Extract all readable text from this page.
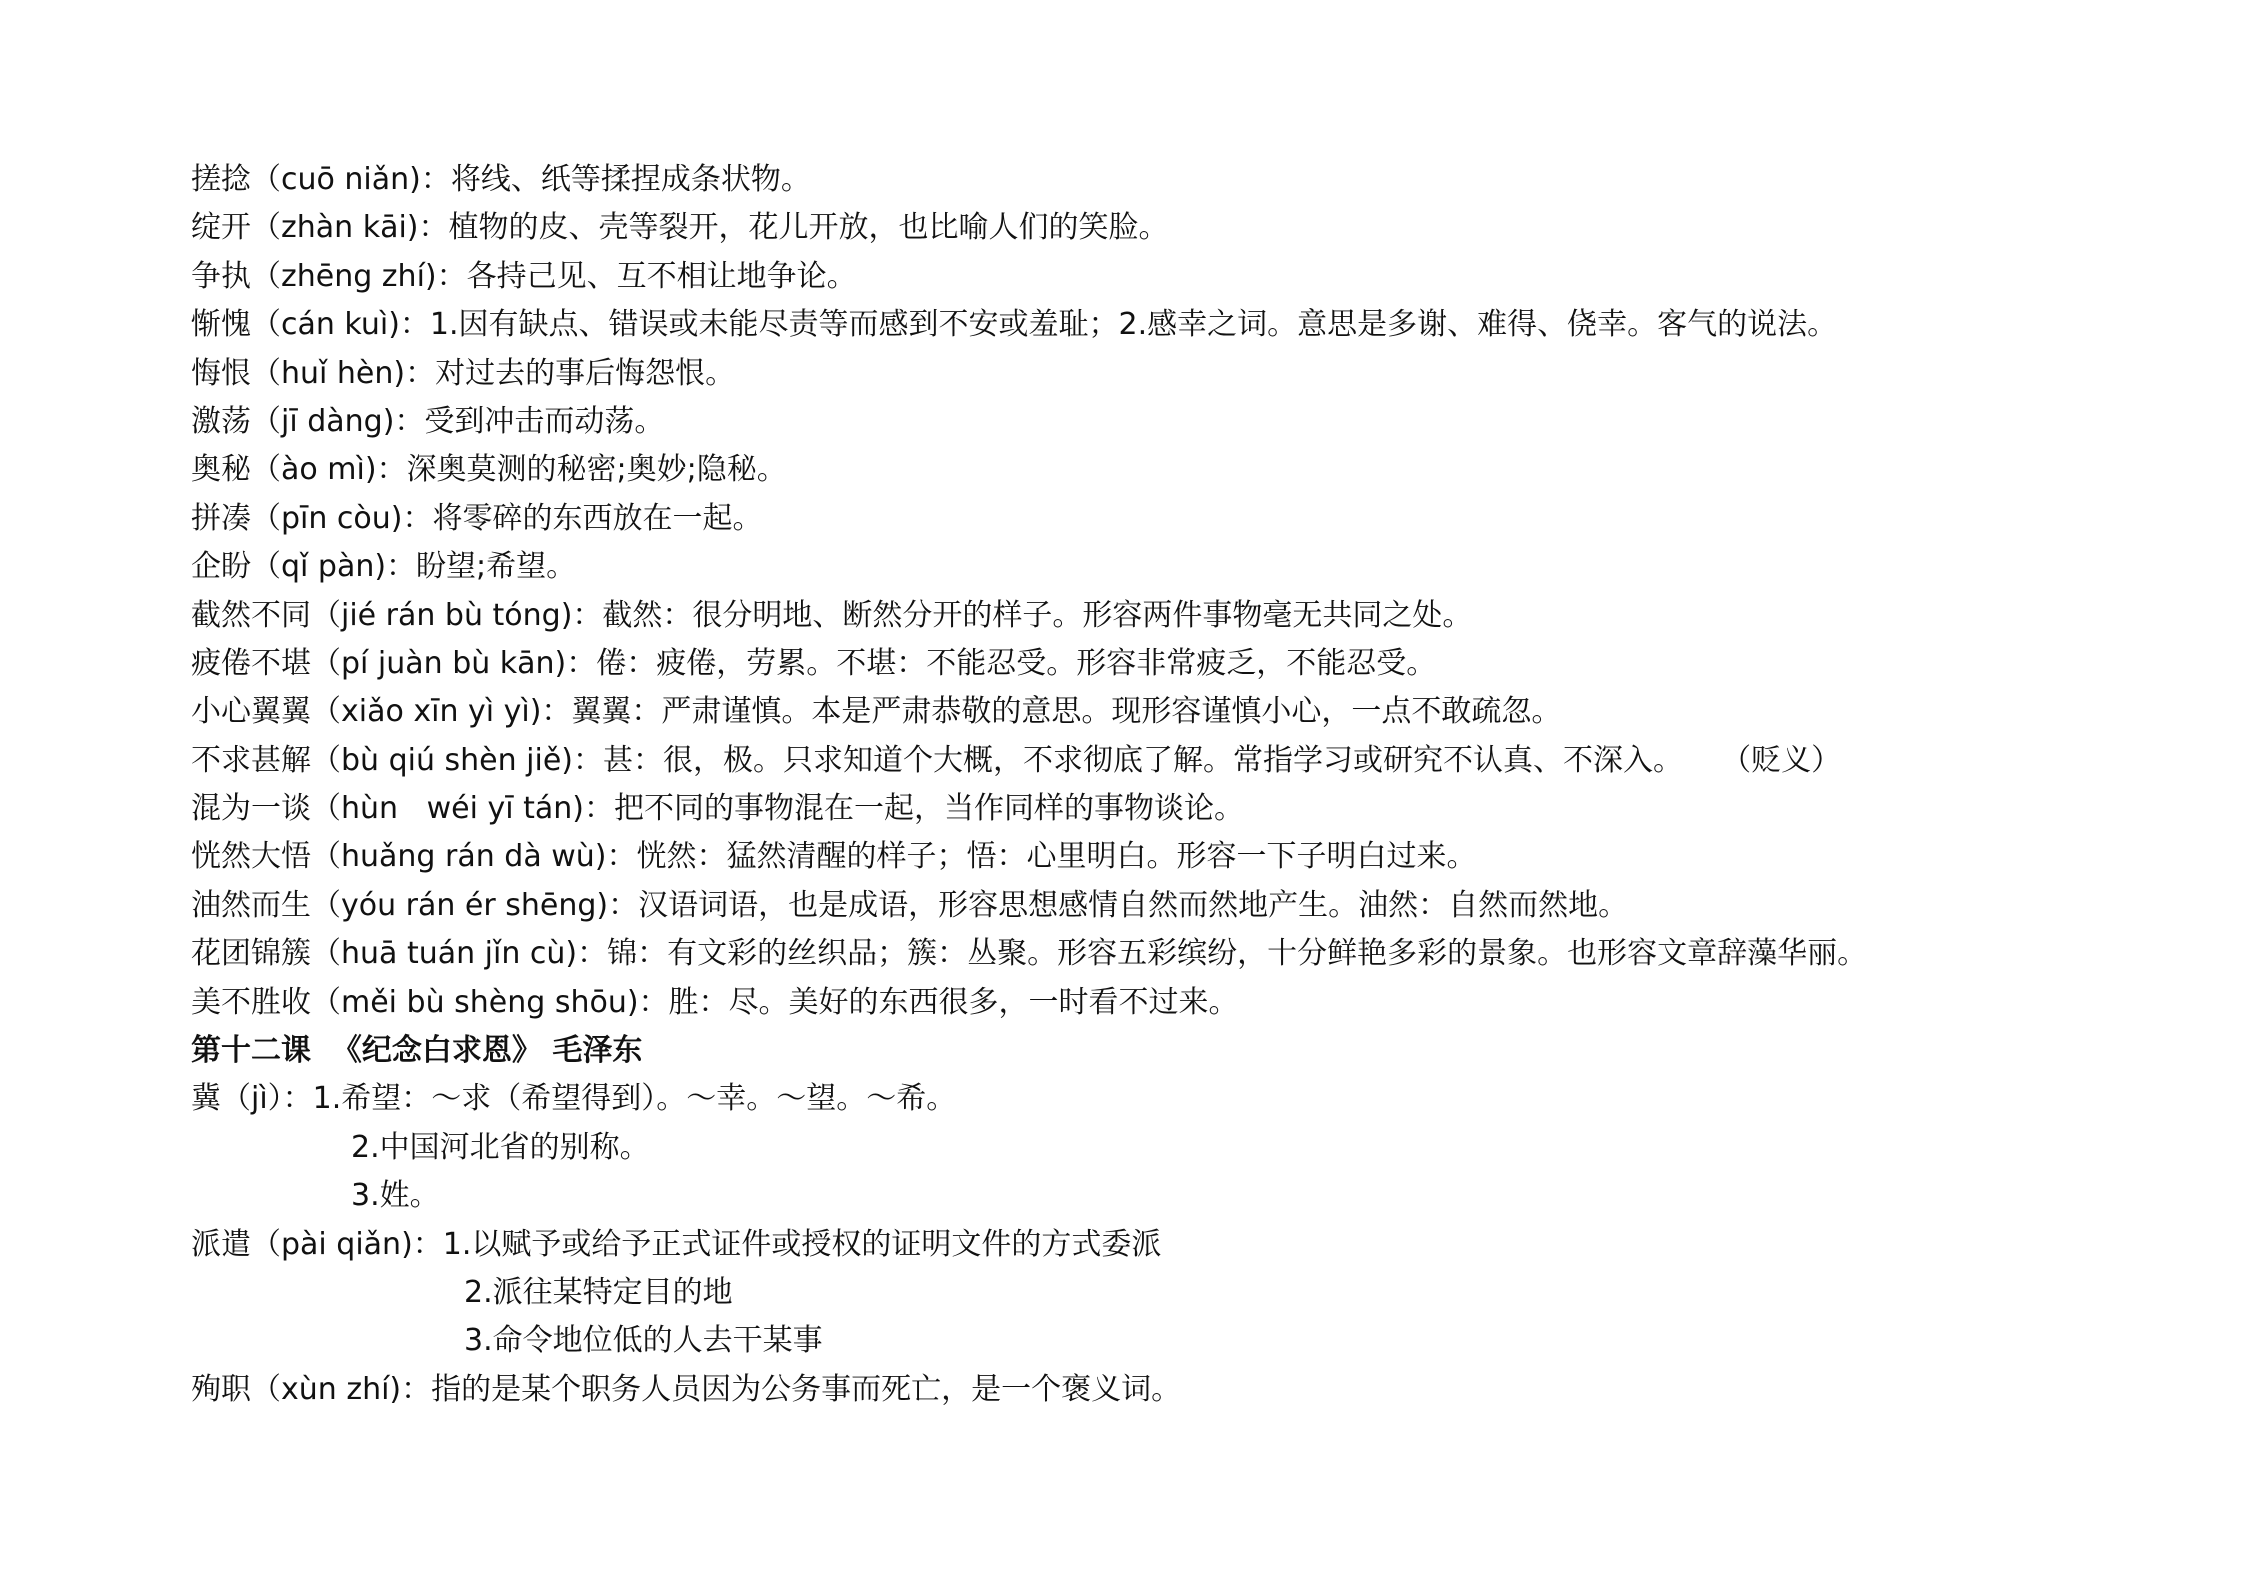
搓捻（cuō niǎn)：将线、纸等揉捏成条状物。
绽开（zhàn kāi)：植物的皮、壳等裂开，花儿开放，也比喻人们的笑脸。
争执（zhēng zhí)：各持己见、互不相让地争论。
惭愧（cán kuì)：1.因有缺点、错误或未能尽责等而感到不安或羞耻；2.感幸之词。意思是多谢、难得、侥幸。客气的说法。
悔恨（huǐ hèn)：对过去的事后悔怨恨。
激荡（jī dàng)：受到冲击而动荡。
奥秘（ào mì)：深奥莫测的秘密;奥妙;隐秘。
拼凑（pīn còu)：将零碎的东西放在一起。
企盼（qǐ pàn)：盼望;希望。
截然不同（jié rán bù tóng)：截然：很分明地、断然分开的样子。形容两件事物毫无共同之处。
疲倦不堪（pí juàn bù kān)：倦：疲倦，劳累。不堪：不能忍受。形容非常疲乏，不能忍受。
小心翼翼（xiǎo xīn yì yì)：翼翼：严肃谨慎。本是严肃恭敬的意思。现形容谨慎小心，一点不敢疏忽。
不求甚解（bù qiú shèn jiě)：甚：很，极。只求知道个大概，不求彻底了解。常指学习或研究不认真、不深入。    （贬义）
混为一谈（hùn   wéi yī tán)：把不同的事物混在一起，当作同样的事物谈论。
恍然大悟（huǎng rán dà wù)：恍然：猛然清醒的样子；悟：心里明白。形容一下子明白过来。
油然而生（yóu rán ér shēng)：汉语词语，也是成语，形容思想感情自然而然地产生。油然：自然而然地。
花团锦簇（huā tuán jǐn cù)：锦：有文彩的丝织品；簇：丛聚。形容五彩缤纷，十分鲜艳多彩的景象。也形容文章辞藻华丽。
美不胜收（měi bù shèng shōu)：胜：尽。美好的东西很多，一时看不过来。
第十二课  《纪念白求恩》 毛泽东
冀（jì）：1.希望：～求（希望得到）。～幸。～望。～希。
2.中国河北省的别称。
3.姓。
派遣（pài qiǎn)：1.以赋予或给予正式证件或授权的证明文件的方式委派
2.派往某特定目的地
3.命令地位低的人去干某事
殉职（xùn zhí)：指的是某个职务人员因为公务事而死亡，是一个褒义词。
